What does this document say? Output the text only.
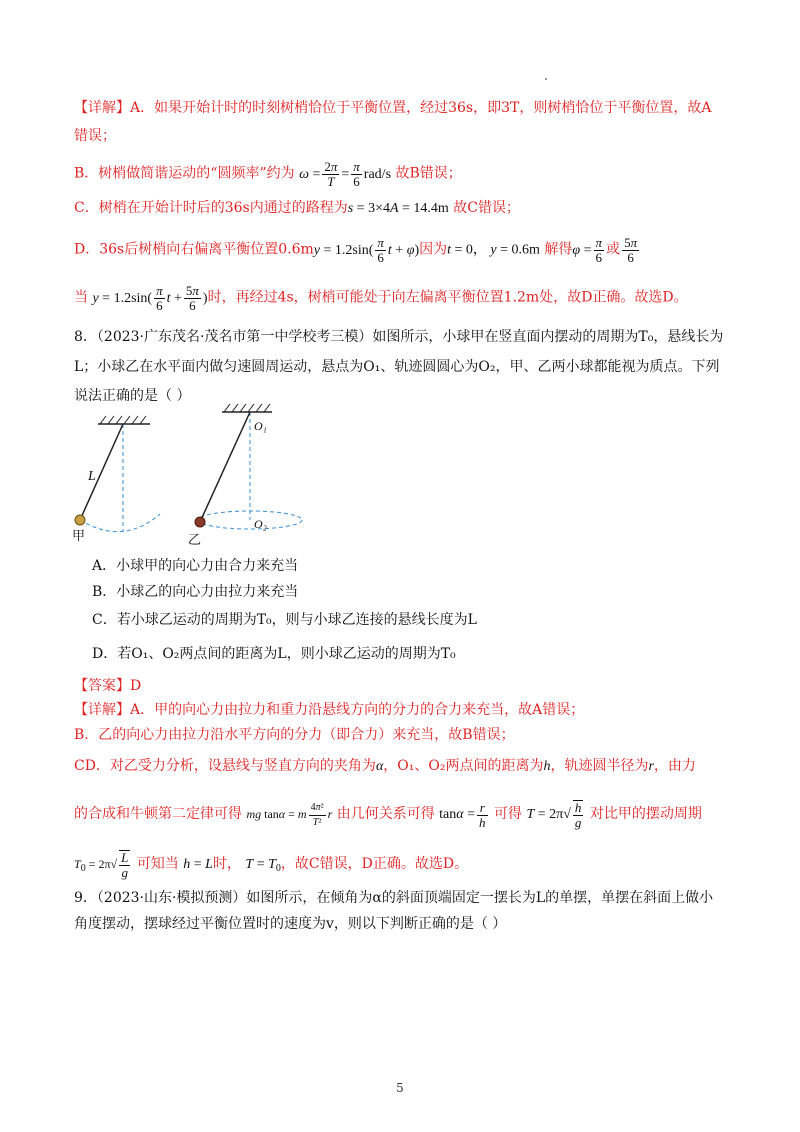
【详解】A．如果开始计时的时刻树梢恰位于平衡位置，经过36s，即3T，则树梢恰位于平衡位置，故A
错误；
B．树梢做简谐运动的“圆频率”约为 $\omega = \frac{2\pi}{T} = \frac{\pi}{6} rad/s$ 故B错误；
C．树梢在开始计时后的36s内通过的路程为s = 3×4A = 14.4m 故C错误；
D．36s后树梢向右偏离平衡位置$0.6my = 1.2\sin( \frac{\pi}{6}$ t + φ)因为t = 0， y = 0.6m 解得$\varphi = \frac{\pi}{6}$ 或 $\frac{5\pi}{6}$
当 $y = 1.2\sin( \frac{\pi}{6}$ $t + \frac{5\pi}{6}$ )时，再经过4s，树梢可能处于向左偏离平衡位置1.2m处，故D正确。故选D。
8．（2023·广东茂名·茂名市第一中学校考三模）如图所示，小球甲在竖直面内摆动的周期为T₀，悬线长为
L；小球乙在水平面内做匀速圆周运动，悬点为O₁、轨迹圆圆心为O₂，甲、乙两小球都能视为质点。下列
说法正确的是（ ）
L
甲
O₁
O₂
乙
A．小球甲的向心力由合力来充当
B．小球乙的向心力由拉力来充当
C．若小球乙运动的周期为T₀，则与小球乙连接的悬线长度为L
D．若O₁、O₂两点间的距离为L，则小球乙运动的周期为T₀
【答案】D
【详解】A．甲的向心力由拉力和重力沿悬线方向的分力的合力来充当，故A错误；
B．乙的向心力由拉力沿水平方向的分力（即合力）来充当，故B错误；
CD．对乙受力分析，设悬线与竖直方向的夹角为α，O₁、O₂两点间的距离为h，轨迹圆半径为r，由力
的合成和牛顿第二定律可得 mg tanα = m $\frac{\text{4π²}}{\text{T²}}$ r 由几何关系可得 $\tan\alpha = \frac{r}{h}$ 可得 $T = 2\pi√ \frac{h}{g}$ 对比甲的摆动周期
$T_0 = 2\pi√ \frac{L}{g}$ 可知当 h = L时， $T = T_0$，故C错误，D正确。故选D。
9．（2023·山东·模拟预测）如图所示，在倾角为α的斜面顶端固定一摆长为L的单摆，单摆在斜面上做小
角度摆动，摆球经过平衡位置时的速度为v，则以下判断正确的是（ ）
5
